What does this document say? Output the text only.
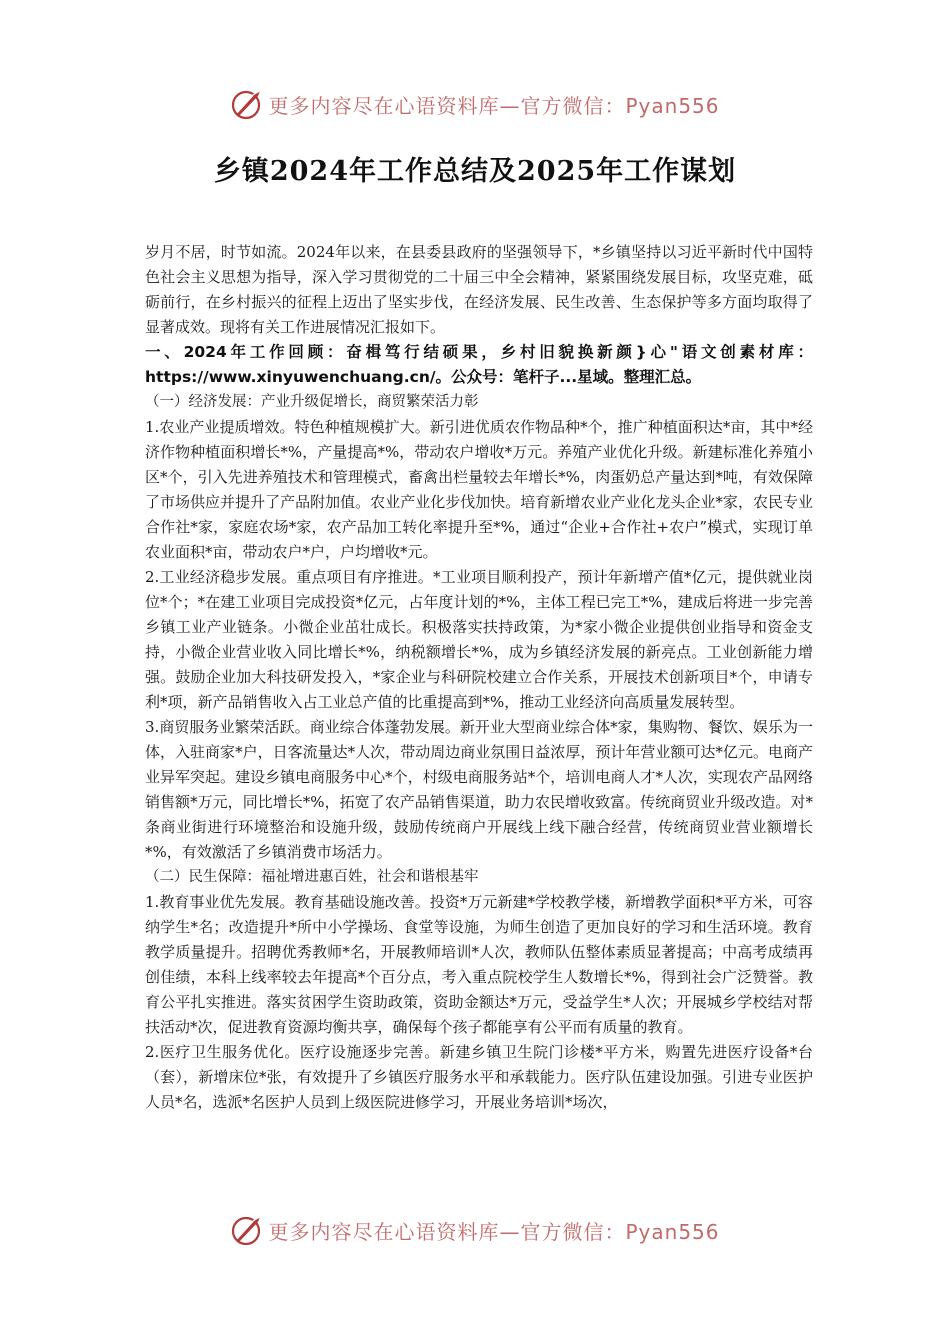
更多内容尽在心语资料库—官方微信：Pyan556
乡镇2024年工作总结及2025年工作谋划

岁月不居，时节如流。2024年以来，在县委县政府的坚强领导下，*乡镇坚持以习近平新时代中国特色社会主义思想为指导，深入学习贯彻党的二十届三中全会精神，紧紧围绕发展目标，攻坚克难，砥砺前行，在乡村振兴的征程上迈出了坚实步伐，在经济发展、民生改善、生态保护等多方面均取得了显著成效。现将有关工作进展情况汇报如下。

一、2024年工作回顾：奋楫笃行结硕果，乡村旧貌换新颜}心"语文创素材库：https://www.xinyuwenchuang.cn/。公众号：笔杆子...星域。整理汇总。

（一）经济发展：产业升级促增长，商贸繁荣活力彰

1.农业产业提质增效。特色种植规模扩大。新引进优质农作物品种*个，推广种植面积达*亩，其中*经济作物种植面积增长*%，产量提高*%，带动农户增收*万元。养殖产业优化升级。新建标准化养殖小区*个，引入先进养殖技术和管理模式，畜禽出栏量较去年增长*%，肉蛋奶总产量达到*吨，有效保障了市场供应并提升了产品附加值。农业产业化步伐加快。培育新增农业产业化龙头企业*家，农民专业合作社*家，家庭农场*家，农产品加工转化率提升至*%，通过“企业+合作社+农户”模式，实现订单农业面积*亩，带动农户*户，户均增收*元。

2.工业经济稳步发展。重点项目有序推进。*工业项目顺利投产，预计年新增产值*亿元，提供就业岗位*个；*在建工业项目完成投资*亿元，占年度计划的*%，主体工程已完工*%，建成后将进一步完善乡镇工业产业链条。小微企业茁壮成长。积极落实扶持政策，为*家小微企业提供创业指导和资金支持，小微企业营业收入同比增长*%，纳税额增长*%，成为乡镇经济发展的新亮点。工业创新能力增强。鼓励企业加大科技研发投入，*家企业与科研院校建立合作关系，开展技术创新项目*个，申请专利*项，新产品销售收入占工业总产值的比重提高到*%，推动工业经济向高质量发展转型。

3.商贸服务业繁荣活跃。商业综合体蓬勃发展。新开业大型商业综合体*家，集购物、餐饮、娱乐为一体，入驻商家*户，日客流量达*人次，带动周边商业氛围日益浓厚，预计年营业额可达*亿元。电商产业异军突起。建设乡镇电商服务中心*个，村级电商服务站*个，培训电商人才*人次，实现农产品网络销售额*万元，同比增长*%，拓宽了农产品销售渠道，助力农民增收致富。传统商贸业升级改造。对*条商业街进行环境整治和设施升级，鼓励传统商户开展线上线下融合经营，传统商贸业营业额增长*%，有效激活了乡镇消费市场活力。

（二）民生保障：福祉增进惠百姓，社会和谐根基牢

1.教育事业优先发展。教育基础设施改善。投资*万元新建*学校教学楼，新增教学面积*平方米，可容纳学生*名；改造提升*所中小学操场、食堂等设施，为师生创造了更加良好的学习和生活环境。教育教学质量提升。招聘优秀教师*名，开展教师培训*人次，教师队伍整体素质显著提高；中高考成绩再创佳绩，本科上线率较去年提高*个百分点，考入重点院校学生人数增长*%，得到社会广泛赞誉。教育公平扎实推进。落实贫困学生资助政策，资助金额达*万元，受益学生*人次；开展城乡学校结对帮扶活动*次，促进教育资源均衡共享，确保每个孩子都能享有公平而有质量的教育。

2.医疗卫生服务优化。医疗设施逐步完善。新建乡镇卫生院门诊楼*平方米，购置先进医疗设备*台（套），新增床位*张，有效提升了乡镇医疗服务水平和承载能力。医疗队伍建设加强。引进专业医护人员*名，选派*名医护人员到上级医院进修学习，开展业务培训*场次，

更多内容尽在心语资料库—官方微信：Pyan556
